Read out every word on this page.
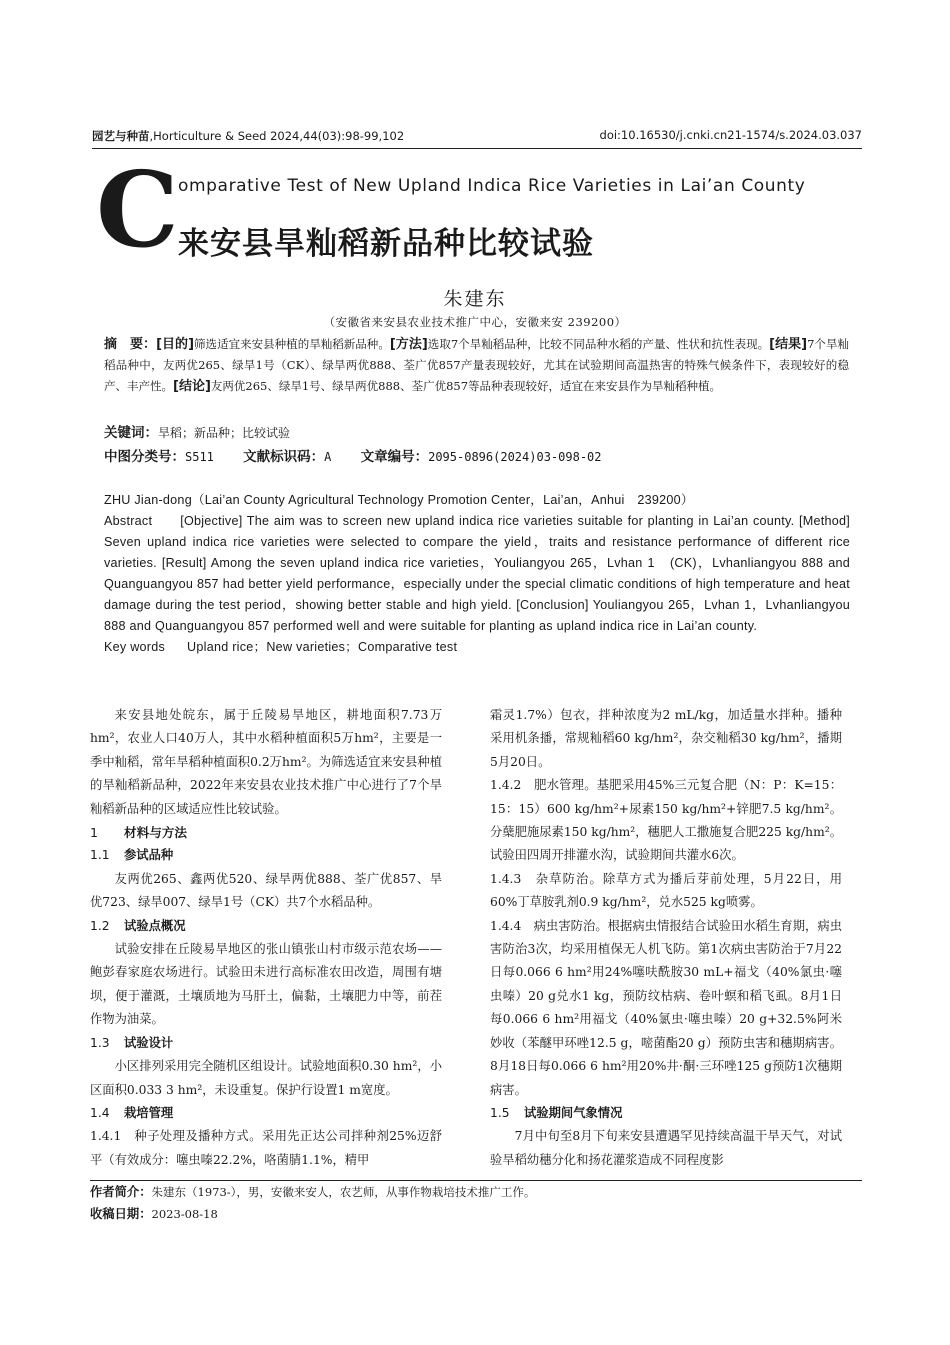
园艺与种苗,Horticulture & Seed 2024,44(03):98-99,102	doi:10.16530/j.cnki.cn21-1574/s.2024.03.037
C omparative Test of New Upland Indica Rice Varieties in Lai’an County
来安县旱籼稻新品种比较试验
朱建东
（安徽省来安县农业技术推广中心，安徽来安 239200）
摘　要：[目的]筛选适宜来安县种植的旱籼稻新品种。[方法]选取7个旱籼稻品种，比较不同品种水稻的产量、性状和抗性表现。[结果]7个旱籼稻品种中，友两优265、绿旱1号（CK）、绿旱两优888、荃广优857产量表现较好，尤其在试验期间高温热害的特殊气候条件下，表现较好的稳产、丰产性。[结论]友两优265、绿旱1号、绿旱两优888、荃广优857等品种表现较好，适宜在来安县作为旱籼稻种植。
关键词：旱稻；新品种；比较试验
中图分类号：S511 文献标识码：A 文章编号：2095-0896(2024)03-098-02

ZHU Jian-dong（Lai’an County Agricultural Technology Promotion Center，Lai’an，Anhui　239200）

Abstract [Objective] The aim was to screen new upland indica rice varieties suitable for planting in Lai’an county. [Method] Seven upland indica rice varieties were selected to compare the yield，traits and resistance performance of different rice varieties. [Result] Among the seven upland indica rice varieties，Youliangyou 265，Lvhan 1　(CK)，Lvhanliangyou 888 and Quanguangyou 857 had better yield performance，especially under the special climatic conditions of high temperature and heat damage during the test period，showing better stable and high yield. [Conclusion] Youliangyou 265，Lvhan 1，Lvhanliangyou 888 and Quanguangyou 857 performed well and were suitable for planting as upland indica rice in Lai’an county.

Key words Upland rice；New varieties；Comparative test

来安县地处皖东，属于丘陵易旱地区，耕地面积7.73万hm²，农业人口40万人，其中水稻种植面积5万hm²，主要是一季中籼稻，常年旱稻种植面积0.2万hm²。为筛选适宜来安县种植的旱籼稻新品种，2022年来安县农业技术推广中心进行了7个旱籼稻新品种的区域适应性比较试验。

1 材料与方法

1.1 参试品种

友两优265、鑫两优520、绿旱两优888、荃广优857、旱优723、绿旱007、绿旱1号（CK）共7个水稻品种。

1.2 试验点概况

试验安排在丘陵易旱地区的张山镇张山村市级示范农场——鲍彭春家庭农场进行。试验田未进行高标准农田改造，周围有塘坝，便于灌溉，土壤质地为马肝土，偏黏，土壤肥力中等，前茬作物为油菜。

1.3 试验设计

小区排列采用完全随机区组设计。试验地面积0.30 hm²，小区面积0.033 3 hm²，未设重复。保护行设置1 m宽度。

1.4 栽培管理

1.4.1　种子处理及播种方式。采用先正达公司拌种剂25%迈舒平（有效成分：噻虫嗪22.2%，咯菌腈1.1%，精甲

霜灵1.7%）包衣，拌种浓度为2 mL/kg，加适量水拌种。播种采用机条播，常规籼稻60 kg/hm²，杂交籼稻30 kg/hm²，播期5月20日。

1.4.2　肥水管理。基肥采用45%三元复合肥（N：P：K=15：15：15）600 kg/hm²+尿素150 kg/hm²+锌肥7.5 kg/hm²。分蘖肥施尿素150 kg/hm²，穗肥人工撒施复合肥225 kg/hm²。试验田四周开排灌水沟，试验期间共灌水6次。

1.4.3　杂草防治。除草方式为播后芽前处理，5月22日，用60%丁草胺乳剂0.9 kg/hm²，兑水525 kg喷雾。

1.4.4　病虫害防治。根据病虫情报结合试验田水稻生育期，病虫害防治3次，均采用植保无人机飞防。第1次病虫害防治于7月22日每0.066 6 hm²用24%噻呋酰胺30 mL+福戈（40%氯虫·噻虫嗪）20 g兑水1 kg，预防纹枯病、卷叶螟和稻飞虱。8月1日每0.066 6 hm²用福戈（40%氯虫·噻虫嗪）20 g+32.5%阿米妙收（苯醚甲环唑12.5 g，嘧菌酯20 g）预防虫害和穗期病害。8月18日每0.066 6 hm²用20%井·酮·三环唑125 g预防1次穗期病害。

1.5 试验期间气象情况

7月中旬至8月下旬来安县遭遇罕见持续高温干旱天气，对试验旱稻幼穗分化和扬花灌浆造成不同程度影

作者简介：朱建东（1973-），男，安徽来安人，农艺师，从事作物栽培技术推广工作。
收稿日期：2023-08-18
